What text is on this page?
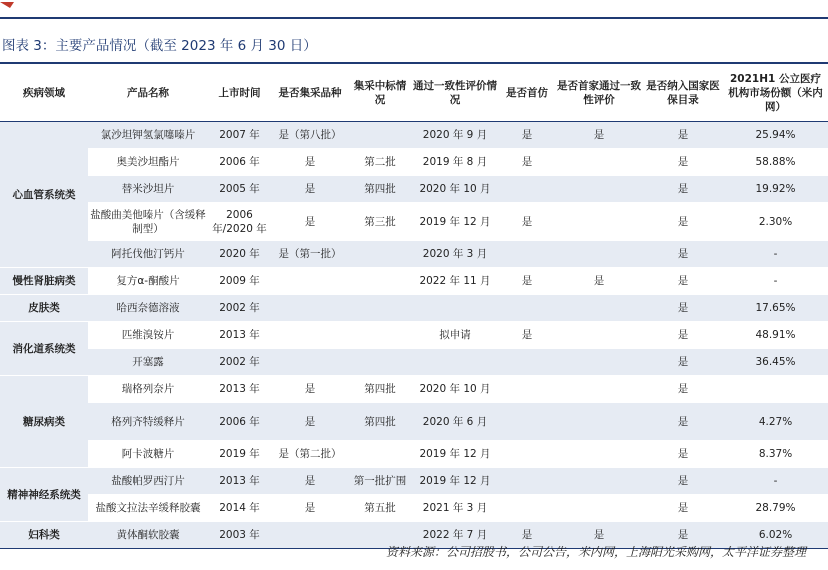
图表 3：主要产品情况（截至 2023 年 6 月 30 日）
疾病领域	产品名称	上市时间	是否集采品种	集采中标情况	通过一致性评价情况	是否首仿	是否首家通过一致性评价	是否纳入国家医保目录	2021H1 公立医疗机构市场份额（米内网）
心血管系统类	氯沙坦钾氢氯噻嗪片	2007 年	是（第八批）		2020 年 9 月	是	是	是	25.94%
	奥美沙坦酯片	2006 年	是	第二批	2019 年 8 月	是		是	58.88%
	替米沙坦片	2005 年	是	第四批	2020 年 10 月			是	19.92%
	盐酸曲美他嗪片（含缓释制型）	2006 年/2020 年	是	第三批	2019 年 12 月	是		是	2.30%
	阿托伐他汀钙片	2020 年	是（第一批）		2020 年 3 月			是	-
慢性肾脏病类	复方α-酮酸片	2009 年			2022 年 11 月	是	是	是	-
皮肤类	哈西奈德溶液	2002 年						是	17.65%
消化道系统类	匹维溴铵片	2013 年			拟申请	是		是	48.91%
	开塞露	2002 年						是	36.45%
糖尿病类	瑞格列奈片	2013 年	是	第四批	2020 年 10 月			是	
	格列齐特缓释片	2006 年	是	第四批	2020 年 6 月			是	4.27%
	阿卡波糖片	2019 年	是（第二批）		2019 年 12 月			是	8.37%
精神神经系统类	盐酸帕罗西汀片	2013 年	是	第一批扩围	2019 年 12 月			是	-
	盐酸文拉法辛缓释胶囊	2014 年	是	第五批	2021 年 3 月			是	28.79%
妇科类	黄体酮软胶囊	2003 年			2022 年 7 月	是	是	是	6.02%
资料来源：公司招股书，公司公告，米内网，上海阳光采购网，太平洋证券整理
